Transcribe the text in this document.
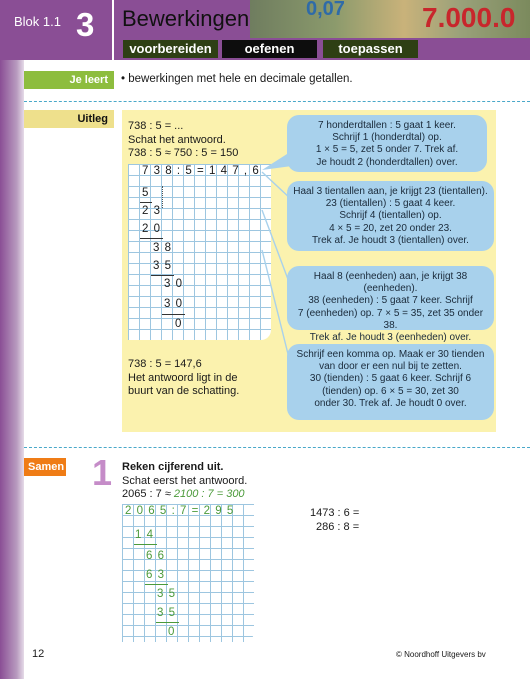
0,07	7.000.0
Blok 1.1 3 Bewerkingen
voorbereiden	oefenen	toepassen
Je leert	• bewerkingen met hele en decimale getallen.
Uitleg
738 : 5 = ...
Schat het antwoord.
738 : 5 ≈ 750 : 5 = 150
738:5=147,6
5
23
20
38
35
30
30
0
738 : 5 = 147,6
Het antwoord ligt in de
buurt van de schatting.
7 honderdtallen : 5 gaat 1 keer.
Schrijf 1 (honderdtal) op.
1 × 5 = 5, zet 5 onder 7. Trek af.
Je houdt 2 (honderdtallen) over.
Haal 3 tientallen aan, je krijgt 23 (tientallen).
23 (tientallen) : 5 gaat 4 keer.
Schrijf 4 (tientallen) op.
4 × 5 = 20, zet 20 onder 23.
Trek af. Je houdt 3 (tientallen) over.
Haal 8 (eenheden) aan, je krijgt 38 (eenheden).
38 (eenheden) : 5 gaat 7 keer. Schrijf
7 (eenheden) op. 7 × 5 = 35, zet 35 onder 38.
Trek af. Je houdt 3 (eenheden) over.
Schrijf een komma op. Maak er 30 tienden
van door er een nul bij te zetten.
30 (tienden) : 5 gaat 6 keer. Schrijf 6
(tienden) op. 6 × 5 = 30, zet 30
onder 30. Trek af. Je houdt 0 over.
Samen 1 Reken cijferend uit.
Schat eerst het antwoord.
2065 : 7 ≈ 2100 : 7 = 300
2065:7=295
14
66
63
35
35
0
1473 : 6 =
286 : 8 =
12	© Noordhoff Uitgevers bv
